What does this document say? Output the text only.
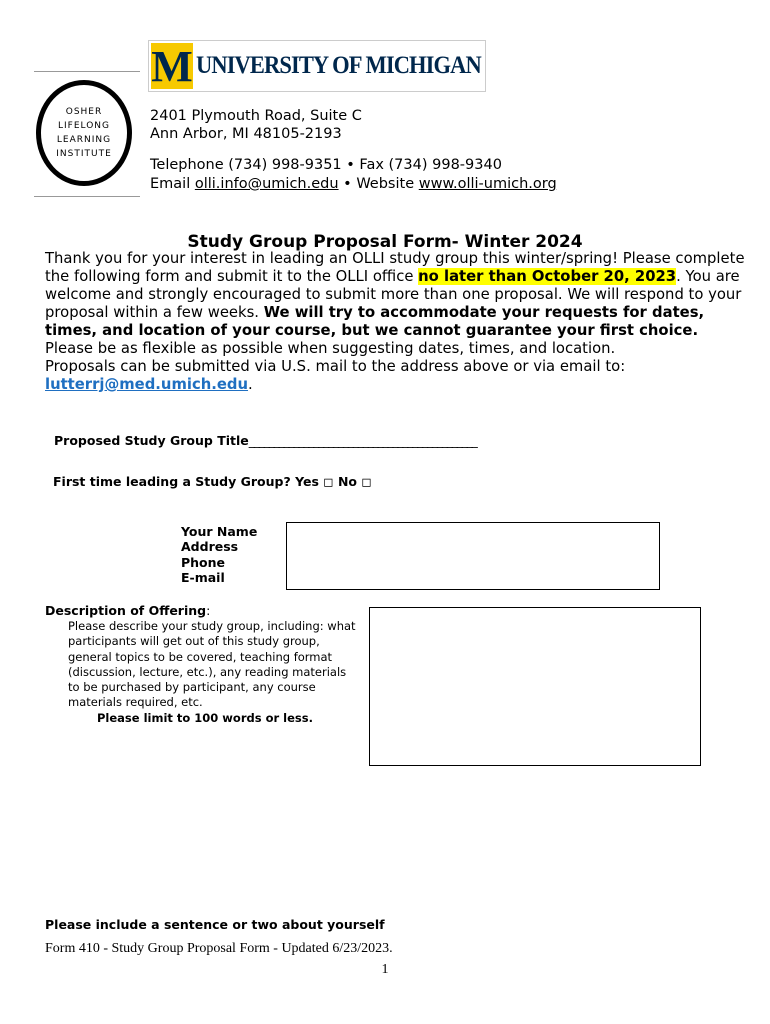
M UNIVERSITY OF MICHIGAN
OSHER
LIFELONG
LEARNING
INSTITUTE
2401 Plymouth Road, Suite C
Ann Arbor, MI 48105-2193
Telephone (734) 998-9351 • Fax (734) 998-9340
Email olli.info@umich.edu • Website www.olli-umich.org
Study Group Proposal Form- Winter 2024
Thank you for your interest in leading an OLLI study group this winter/spring! Please complete the following form and submit it to the OLLI office no later than October 20, 2023. You are welcome and strongly encouraged to submit more than one proposal. We will respond to your proposal within a few weeks. We will try to accommodate your requests for dates, times, and location of your course, but we cannot guarantee your first choice. Please be as flexible as possible when suggesting dates, times, and location.
Proposals can be submitted via U.S. mail to the address above or via email to:
lutterrj@med.umich.edu.
Proposed Study Group Title______________________________________________
First time leading a Study Group? Yes ◻ No ◻
Your Name
Address
Phone
E-mail
Description of Offering:
Please describe your study group, including: what participants will get out of this study group, general topics to be covered, teaching format (discussion, lecture, etc.), any reading materials to be purchased by participant, any course materials required, etc.
Please limit to 100 words or less.
Please include a sentence or two about yourself
Form 410 - Study Group Proposal Form - Updated 6/23/2023.
1
